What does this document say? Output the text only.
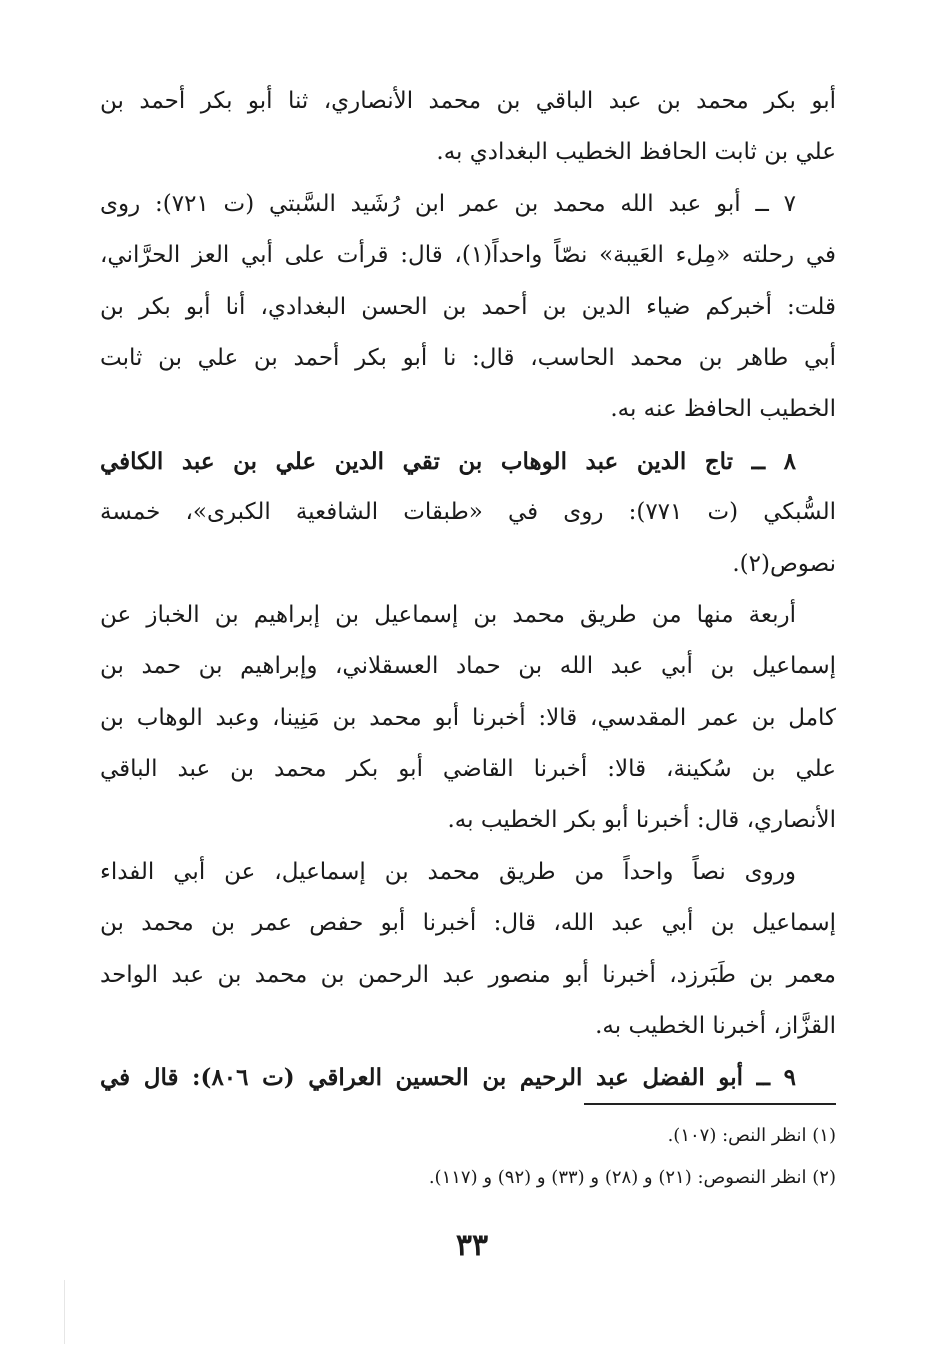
أبو بكر محمد بن عبد الباقي بن محمد الأنصاري، ثنا أبو بكر أحمد بن
علي بن ثابت الحافظ الخطيب البغدادي به.
٧ ــ أبو عبد الله محمد بن عمر ابن رُشَيد السَّبتي (ت ٧٢١): روى
في رحلته «مِلء العَيبة» نصّاً واحداً(١)، قال: قرأت على أبي العز الحرَّاني،
قلت: أخبركم ضياء الدين بن أحمد بن الحسن البغدادي، أنا أبو بكر بن
أبي طاهر بن محمد الحاسب، قال: نا أبو بكر أحمد بن علي بن ثابت
الخطيب الحافظ عنه به.
٨ ــ تاج الدين عبد الوهاب بن تقي الدين علي بن عبد الكافي
السُّبكي (ت ٧٧١): روى في «طبقات الشافعية الكبرى»، خمسة
نصوص(٢).
أربعة منها من طريق محمد بن إسماعيل بن إبراهيم بن الخباز عن
إسماعيل بن أبي عبد الله بن حماد العسقلاني، وإبراهيم بن حمد بن
كامل بن عمر المقدسي، قالا: أخبرنا أبو محمد بن مَنِينا، وعبد الوهاب بن
علي بن سُكينة، قالا: أخبرنا القاضي أبو بكر محمد بن عبد الباقي
الأنصاري، قال: أخبرنا أبو بكر الخطيب به.
وروى نصاً واحداً من طريق محمد بن إسماعيل، عن أبي الفداء
إسماعيل بن أبي عبد الله، قال: أخبرنا أبو حفص عمر بن محمد بن
معمر بن طَبَرزد، أخبرنا أبو منصور عبد الرحمن بن محمد بن عبد الواحد
القزَّاز، أخبرنا الخطيب به.
٩ ــ أبو الفضل عبد الرحيم بن الحسين العراقي (ت ٨٠٦): قال في
(١) انظر النص: (١٠٧).
(٢) انظر النصوص: (٢١) و (٢٨) و (٣٣) و (٩٢) و (١١٧).
٣٣
